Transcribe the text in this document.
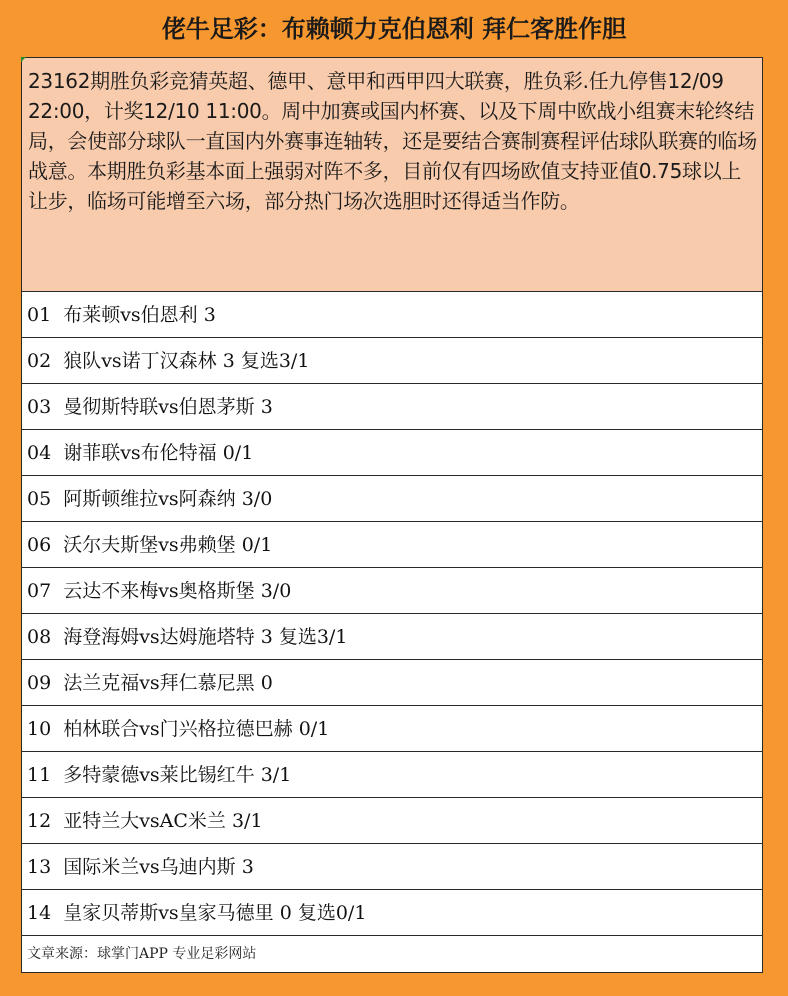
佬牛足彩：布赖顿力克伯恩利 拜仁客胜作胆
23162期胜负彩竞猜英超、德甲、意甲和西甲四大联赛，胜负彩.任九停售12/09 22:00，计奖12/10 11:00。周中加赛或国内杯赛、以及下周中欧战小组赛末轮终结局，会使部分球队一直国内外赛事连轴转，还是要结合赛制赛程评估球队联赛的临场战意。本期胜负彩基本面上强弱对阵不多，目前仅有四场欧值支持亚值0.75球以上让步，临场可能增至六场，部分热门场次选胆时还得适当作防。
01 布莱顿vs伯恩利 3
02 狼队vs诺丁汉森林 3 复选3/1
03 曼彻斯特联vs伯恩茅斯 3
04 谢菲联vs布伦特福 0/1
05 阿斯顿维拉vs阿森纳 3/0
06 沃尔夫斯堡vs弗赖堡 0/1
07 云达不来梅vs奥格斯堡 3/0
08 海登海姆vs达姆施塔特 3 复选3/1
09 法兰克福vs拜仁慕尼黑 0
10 柏林联合vs门兴格拉德巴赫 0/1
11 多特蒙德vs莱比锡红牛 3/1
12 亚特兰大vsAC米兰 3/1
13 国际米兰vs乌迪内斯 3
14 皇家贝蒂斯vs皇家马德里 0 复选0/1
文章来源：球掌门APP 专业足彩网站
